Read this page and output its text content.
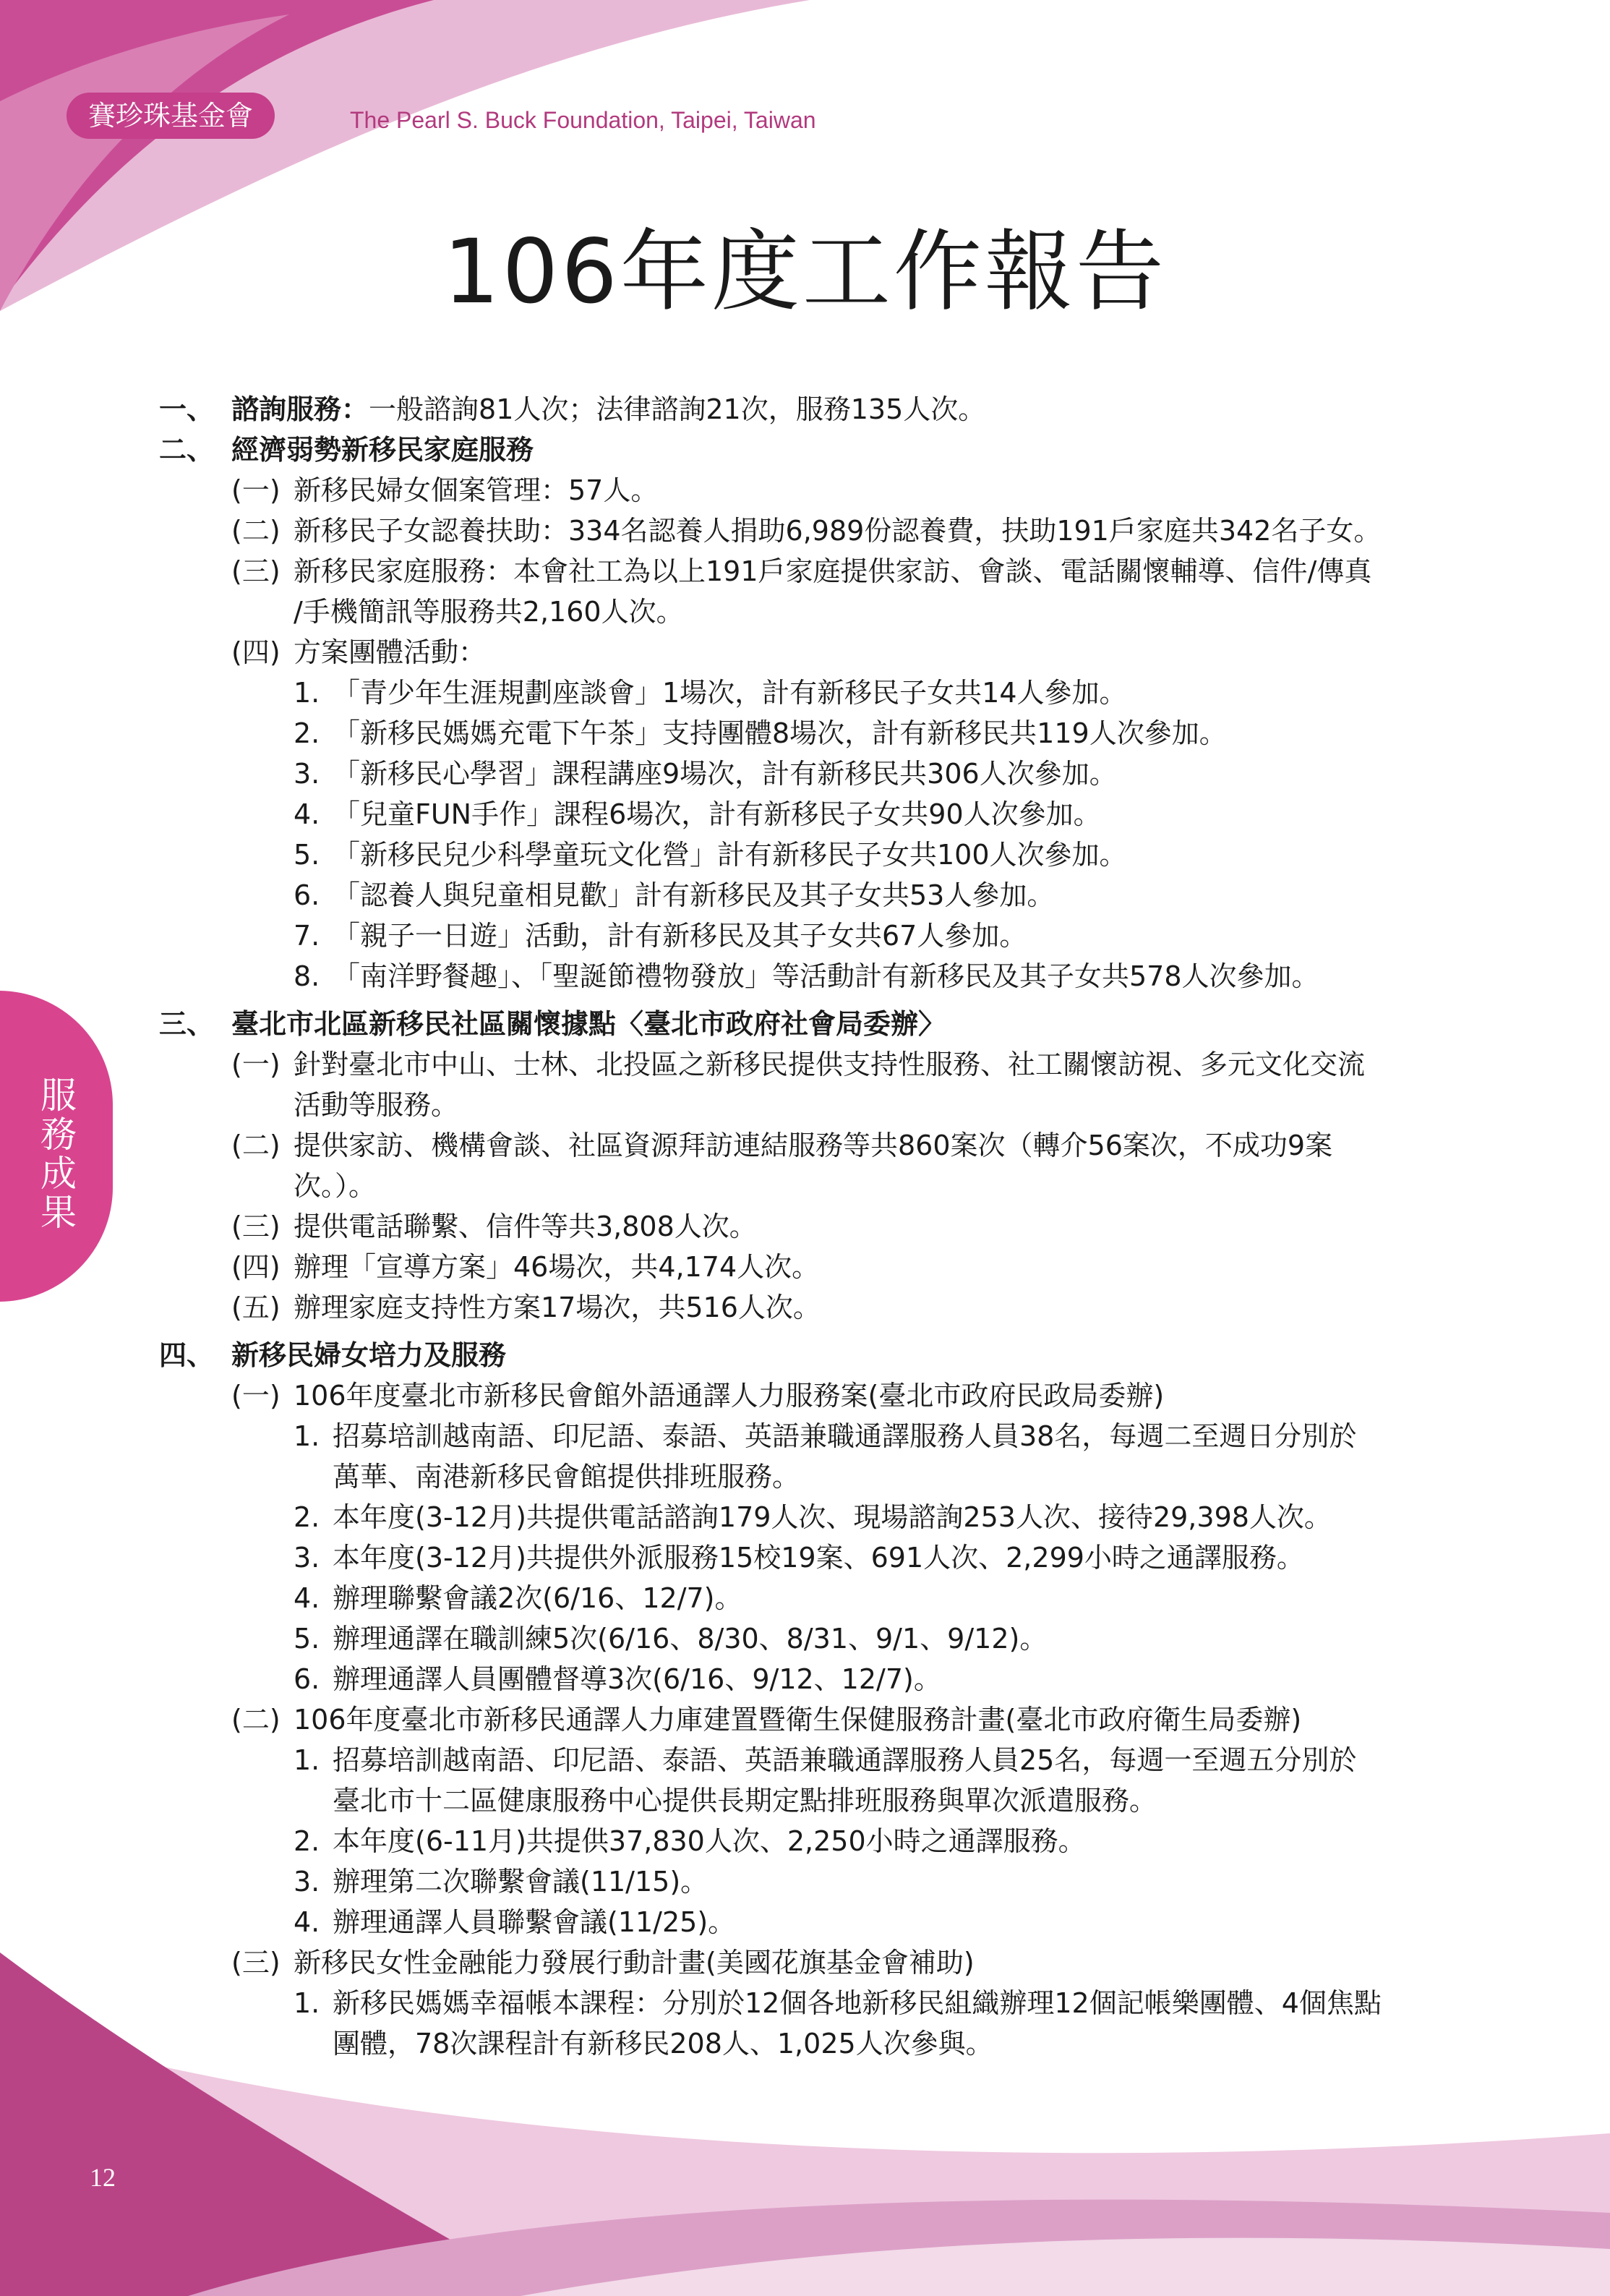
賽珍珠基金會	The Pearl S. Buck Foundation, Taipei, Taiwan
106年度工作報告
服務成果
一、 諮詢服務：一般諮詢81人次；法律諮詢21次，服務135人次。
二、 經濟弱勢新移民家庭服務
(一) 新移民婦女個案管理：57人。
(二) 新移民子女認養扶助：334名認養人捐助6,989份認養費，扶助191戶家庭共342名子女。
(三) 新移民家庭服務：本會社工為以上191戶家庭提供家訪、會談、電話關懷輔導、信件/傳真
/手機簡訊等服務共2,160人次。
(四) 方案團體活動：
1. 「青少年生涯規劃座談會」1場次，計有新移民子女共14人參加。
2. 「新移民媽媽充電下午茶」支持團體8場次，計有新移民共119人次參加。
3. 「新移民心學習」課程講座9場次，計有新移民共306人次參加。
4. 「兒童FUN手作」課程6場次，計有新移民子女共90人次參加。
5. 「新移民兒少科學童玩文化營」計有新移民子女共100人次參加。
6. 「認養人與兒童相見歡」計有新移民及其子女共53人參加。
7. 「親子一日遊」活動，計有新移民及其子女共67人參加。
8. 「南洋野餐趣」、「聖誕節禮物發放」等活動計有新移民及其子女共578人次參加。
三、 臺北市北區新移民社區關懷據點〈臺北市政府社會局委辦〉
(一) 針對臺北市中山、士林、北投區之新移民提供支持性服務、社工關懷訪視、多元文化交流
活動等服務。
(二) 提供家訪、機構會談、社區資源拜訪連結服務等共860案次（轉介56案次，不成功9案
次。）。
(三) 提供電話聯繫、信件等共3,808人次。
(四) 辦理「宣導方案」46場次，共4,174人次。
(五) 辦理家庭支持性方案17場次，共516人次。
四、 新移民婦女培力及服務
(一) 106年度臺北市新移民會館外語通譯人力服務案(臺北市政府民政局委辦)
1. 招募培訓越南語、印尼語、泰語、英語兼職通譯服務人員38名，每週二至週日分別於
萬華、南港新移民會館提供排班服務。
2. 本年度(3-12月)共提供電話諮詢179人次、現場諮詢253人次、接待29,398人次。
3. 本年度(3-12月)共提供外派服務15校19案、691人次、2,299小時之通譯服務。
4. 辦理聯繫會議2次(6/16、12/7)。
5. 辦理通譯在職訓練5次(6/16、8/30、8/31、9/1、9/12)。
6. 辦理通譯人員團體督導3次(6/16、9/12、12/7)。
(二) 106年度臺北市新移民通譯人力庫建置暨衛生保健服務計畫(臺北市政府衛生局委辦)
1. 招募培訓越南語、印尼語、泰語、英語兼職通譯服務人員25名，每週一至週五分別於
臺北市十二區健康服務中心提供長期定點排班服務與單次派遣服務。
2. 本年度(6-11月)共提供37,830人次、2,250小時之通譯服務。
3. 辦理第二次聯繫會議(11/15)。
4. 辦理通譯人員聯繫會議(11/25)。
(三) 新移民女性金融能力發展行動計畫(美國花旗基金會補助)
1. 新移民媽媽幸福帳本課程：分別於12個各地新移民組織辦理12個記帳樂團體、4個焦點
團體，78次課程計有新移民208人、1,025人次參與。
12
